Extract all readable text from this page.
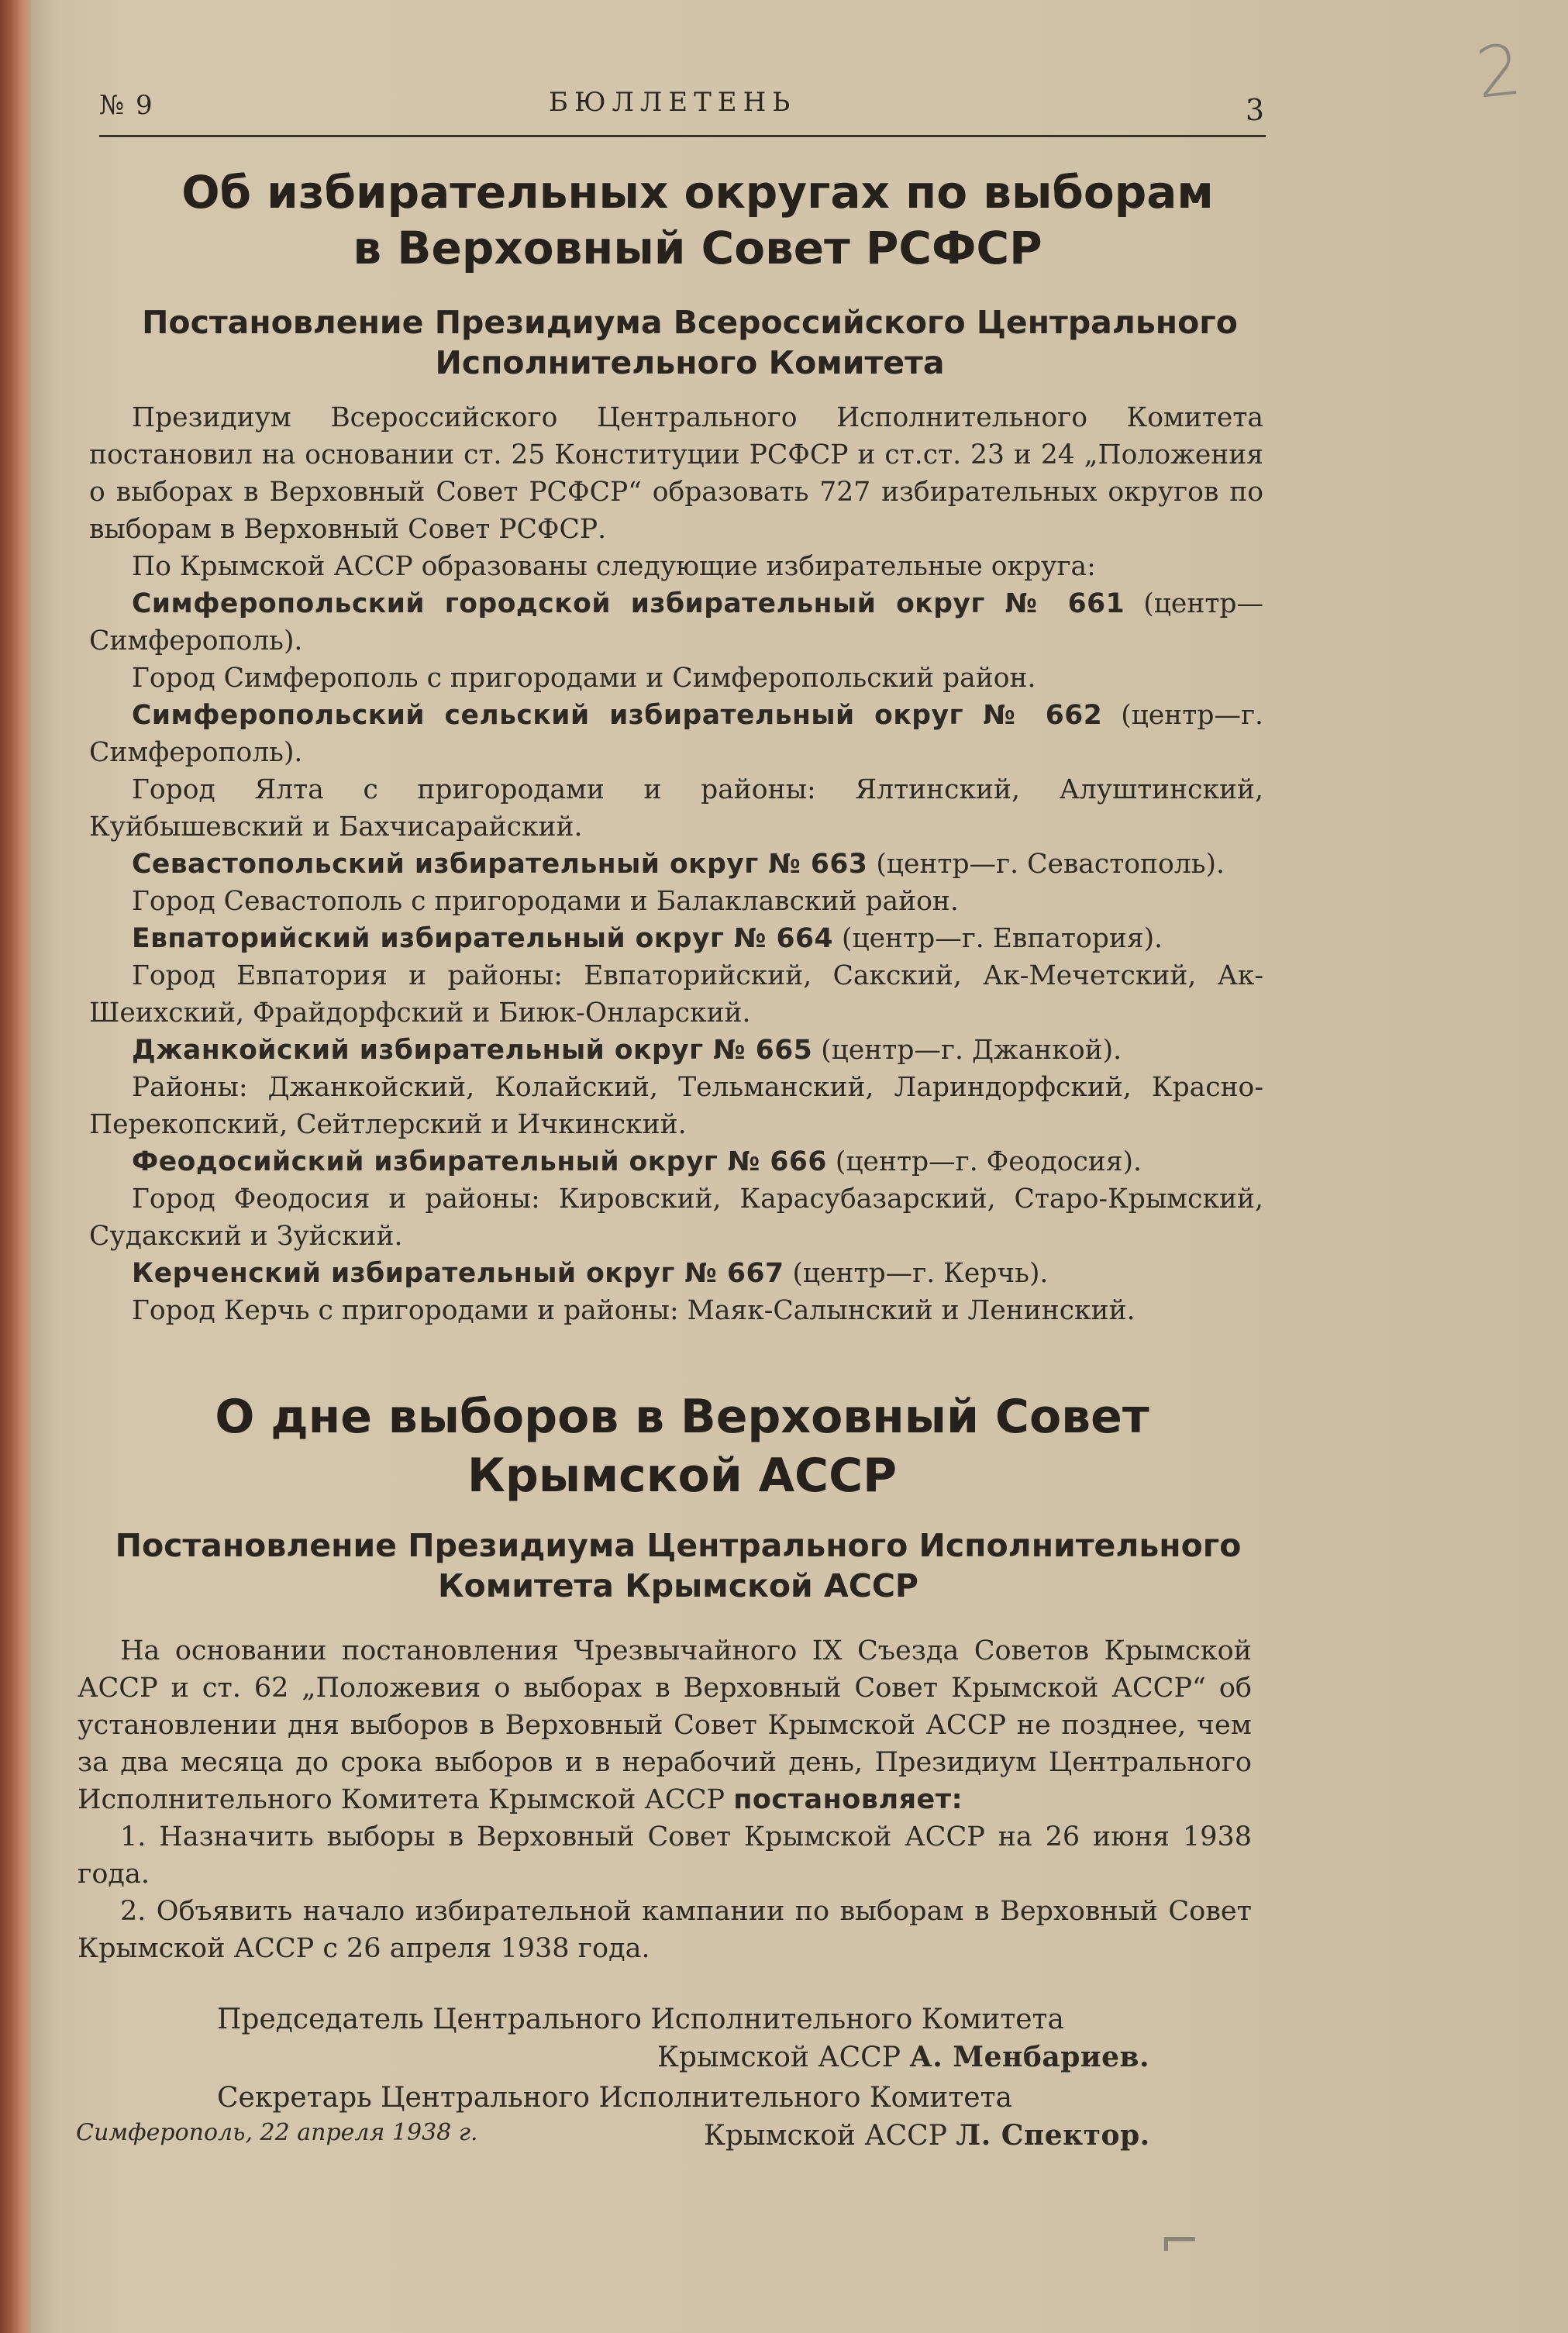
2
⌐
№ 9	БЮЛЛЕТЕНЬ	3
Об избирательных округах по выборам
в Верховный Совет РСФСР
Постановление Президиума Всероссийского Центрального
Исполнительного Комитета

Президиум Всероссийского Центрального Исполнительного Комитета постановил на основании ст. 25 Конституции РСФСР и ст.ст. 23 и 24 „Положения о выборах в Верховный Совет РСФСР“ образовать 727 избирательных округов по выборам в Верховный Совет РСФСР.

По Крымской АССР образованы следующие избирательные округа:

Симферопольский городской избирательный округ № 661 (центр—Симферополь).

Город Симферополь с пригородами и Симферопольский район.

Симферопольский сельский избирательный округ № 662 (центр—г. Симферополь).

Город Ялта с пригородами и районы: Ялтинский, Алуштинский, Куйбышевский и Бахчисарайский.

Севастопольский избирательный округ № 663 (центр—г. Севастополь).

Город Севастополь с пригородами и Балаклавский район.

Евпаторийский избирательный округ № 664 (центр—г. Евпатория).

Город Евпатория и районы: Евпаторийский, Сакский, Ак-Мечетский, Ак-Шеихский, Фрайдорфский и Биюк-Онларский.

Джанкойский избирательный округ № 665 (центр—г. Джанкой).

Районы: Джанкойский, Колайский, Тельманский, Лариндорфский, Красно-Перекопский, Сейтлерский и Ичкинский.

Феодосийский избирательный округ № 666 (центр—г. Феодосия).

Город Феодосия и районы: Кировский, Карасубазарский, Старо-Крымский, Судакский и Зуйский.

Керченский избирательный округ № 667 (центр—г. Керчь).

Город Керчь с пригородами и районы: Маяк-Салынский и Ленинский.

О дне выборов в Верховный Совет
Крымской АССР
Постановление Президиума Центрального Исполнительного
Комитета Крымской АССР

На основании постановления Чрезвычайного IX Съезда Советов Крымской АССР и ст. 62 „Положевия о выборах в Верховный Совет Крымской АССР“ об установлении дня выборов в Верховный Совет Крымской АССР не позднее, чем за два месяца до срока выборов и в нерабочий день, Президиум Центрального Исполнительного Комитета Крымской АССР постановляет:

1. Назначить выборы в Верховный Совет Крымской АССР на 26 июня 1938 года.

2. Объявить начало избирательной кампании по выборам в Верховный Совет Крымской АССР с 26 апреля 1938 года.

Председатель Центрального Исполнительного Комитета
Крымской АССР А. Менбариев.
Секретарь Центрального Исполнительного Комитета
Крымской АССР Л. Спектор.
Симферополь, 22 апреля 1938 г.
